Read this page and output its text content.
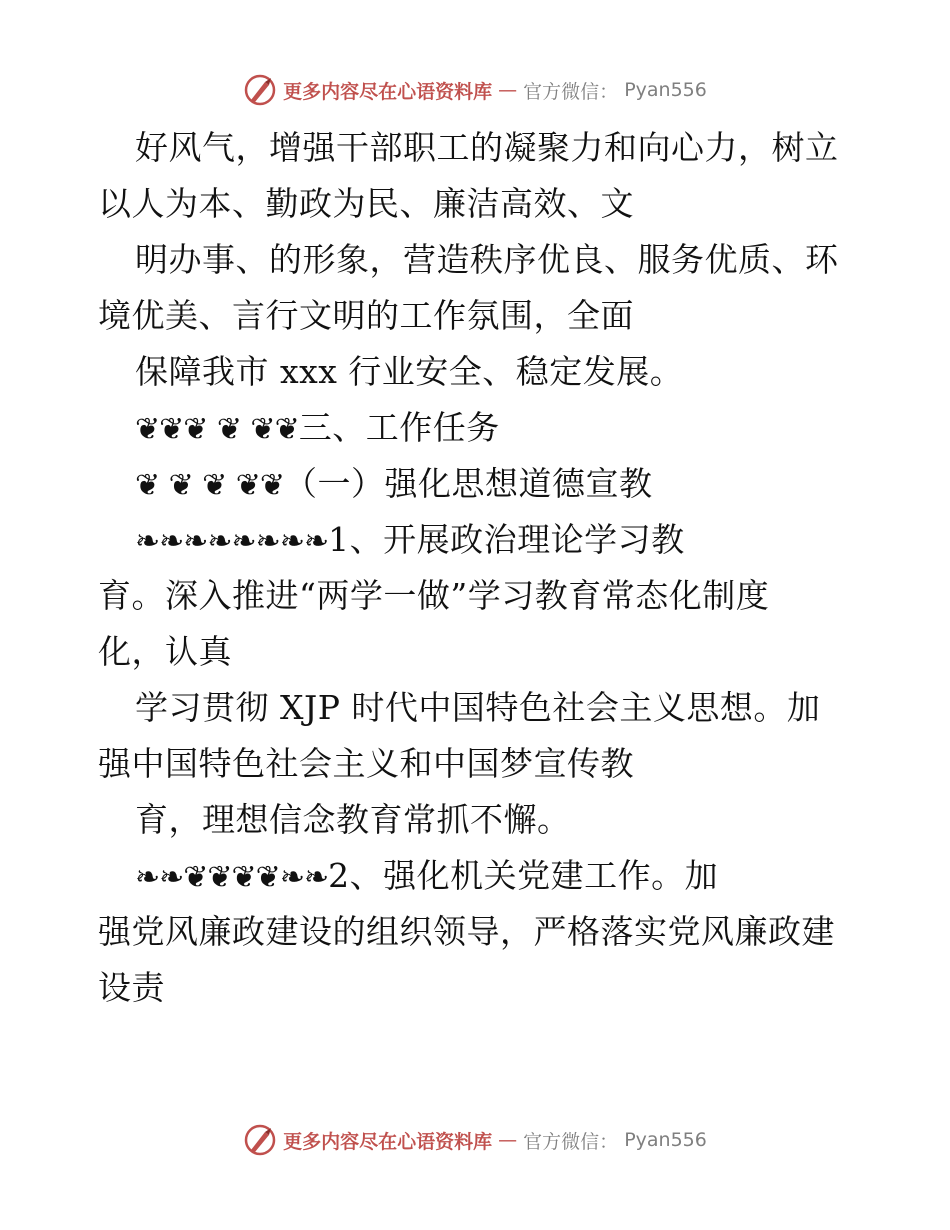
更多内容尽在心语资料库 — 官方微信： Pyan556
好风气，增强干部职工的凝聚力和向心力，树立
以人为本、勤政为民、廉洁高效、文
明办事、的形象，营造秩序优良、服务优质、环
境优美、言行文明的工作氛围，全面
保障我市 xxx 行业安全、稳定发展。
❦❦❦ ❦ ❦❦三、工作任务
❦ ❦ ❦ ❦❦（一）强化思想道德宣教
❧❧❧❧❧❧❧❧1、开展政治理论学习教
育。深入推进“两学一做”学习教育常态化制度
化，认真
学习贯彻 XJP 时代中国特色社会主义思想。加
强中国特色社会主义和中国梦宣传教
育，理想信念教育常抓不懈。
❧❧❦❦❦❦❧❧2、强化机关党建工作。加
强党风廉政建设的组织领导，严格落实党风廉政建
设责
更多内容尽在心语资料库 — 官方微信： Pyan556
